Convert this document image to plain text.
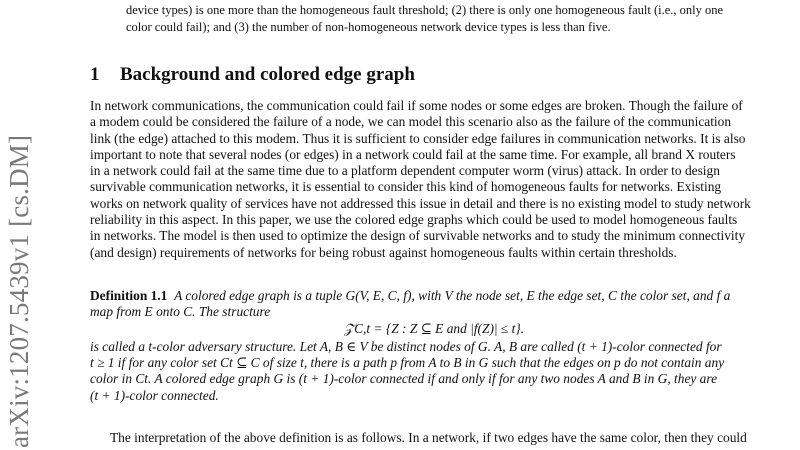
arXiv:1207.5439v1 [cs.DM]
device types) is one more than the homogeneous fault threshold; (2) there is only one homogeneous fault (i.e., only one
color could fail); and (3) the number of non-homogeneous network device types is less than five.
1 Background and colored edge graph
In network communications, the communication could fail if some nodes or some edges are broken. Though the failure of
a modem could be considered the failure of a node, we can model this scenario also as the failure of the communication
link (the edge) attached to this modem. Thus it is sufficient to consider edge failures in communication networks. It is also
important to note that several nodes (or edges) in a network could fail at the same time. For example, all brand X routers
in a network could fail at the same time due to a platform dependent computer worm (virus) attack. In order to design
survivable communication networks, it is essential to consider this kind of homogeneous faults for networks. Existing
works on network quality of services have not addressed this issue in detail and there is no existing model to study network
reliability in this aspect. In this paper, we use the colored edge graphs which could be used to model homogeneous faults
in networks. The model is then used to optimize the design of survivable networks and to study the minimum connectivity
(and design) requirements of networks for being robust against homogeneous faults within certain thresholds.
Definition 1.1 A colored edge graph is a tuple G(V, E, C, f), with V the node set, E the edge set, C the color set, and f a
map from E onto C. The structure
𝒵C,t = {Z : Z ⊆ E and |f(Z)| ≤ t}.
is called a t-color adversary structure. Let A, B ∈ V be distinct nodes of G. A, B are called (t + 1)-color connected for
t ≥ 1 if for any color set Ct ⊆ C of size t, there is a path p from A to B in G such that the edges on p do not contain any
color in Ct. A colored edge graph G is (t + 1)-color connected if and only if for any two nodes A and B in G, they are
(t + 1)-color connected.
The interpretation of the above definition is as follows. In a network, if two edges have the same color, then they could
